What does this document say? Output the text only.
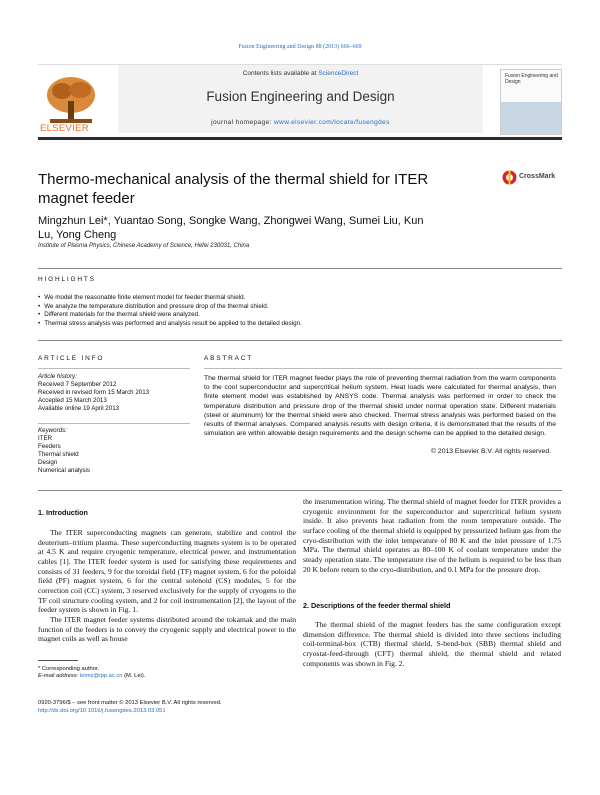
Fusion Engineering and Design 88 (2013) 666–669
ELSEVIER
Contents lists available at ScienceDirect
Fusion Engineering and Design
journal homepage: www.elsevier.com/locate/fusengdes
Fusion Engineering and Design
Thermo-mechanical analysis of the thermal shield for ITER magnet feeder
CrossMark
Mingzhun Lei*, Yuantao Song, Songke Wang, Zhongwei Wang, Sumei Liu, Kun Lu, Yong Cheng
Institute of Plasma Physics, Chinese Academy of Science, Hefei 230031, China
HIGHLIGHTS
• We model the reasonable finite element model for feeder thermal shield.
• We analyze the temperature distribution and pressure drop of the thermal shield.
• Different materials for the thermal shield were analyzed.
• Thermal stress analysis was performed and analysis result be applied to the detailed design.
ARTICLE INFO
Article history:
Received 7 September 2012
Received in revised form 15 March 2013
Accepted 15 March 2013
Available online 19 April 2013
Keywords:
ITER
Feeders
Thermal shield
Design
Numerical analysis
ABSTRACT
The thermal shield for ITER magnet feeder plays the role of preventing thermal radiation from the warm components to the cool superconductor and supercritical helium system. Heat loads were calculated for thermal analysis, then finite element model was established by ANSYS code. Thermal analysis was performed in order to check the temperature distribution and pressure drop of the thermal shield under normal operation state. Different materials (steel or aluminum) for the thermal shield were also checked. Thermal stress analysis was performed based on the results of thermal analyses. Compared analysis results with design criteria, it is demonstrated that the results of the simulation are within allowable design requirements and the design scheme can be applied to the detailed design.
© 2013 Elsevier B.V. All rights reserved.
1. Introduction

The ITER superconducting magnets can generate, stabilize and control the deuterium–tritium plasma. These superconducting magnets system is to be operated at 4.5 K and require cryogenic temperature, electrical power, and instrumentation cables [1]. The ITER feeder system is used for satisfying these requirements and consists of 31 feeders, 9 for the toroidal field (TF) magnet system, 6 for the poloidal field (PF) magnet system, 6 for the central solenoid (CS) modules, 5 for the correction coil (CC) system, 3 reserved exclusively for the supply of cryogens to the TF coil structure cooling system, and 2 for coil instrumentation [2], the layout of the feeder system is shown in Fig. 1.

The ITER magnet feeder systems distributed around the tokamak and the main function of the feeders is to convey the cryogenic supply and electrical power to the magnet coils as well as house

the instrumentation wiring. The thermal shield of magnet feeder for ITER provides a cryogenic environment for the superconductor and supercritical helium system inside. It also prevents heat radiation from the room temperature outside. The surface cooling of the thermal shield is equipped by pressurized helium gas from the cryo-distribution with the inlet temperature of 80 K and the inlet pressure of 1.75 MPa. The thermal shield operates as 80–100 K of coolant temperature under the steady operation state. The temperature rise of the helium is required to be less than 20 K before return to the cryo-distribution, and 0.1 MPa for the pressure drop.

2. Descriptions of the feeder thermal shield

The thermal shield of the magnet feeders has the same configuration except dimension difference. The thermal shield is divided into three sections including coil-terminal-box (CTB) thermal shield, S-bend-box (SBB) thermal shield and cryostat-feed-through (CFT) thermal shield, the thermal shield and related components was shown in Fig. 2.

* Corresponding author.
E-mail address: leimz@ipp.ac.cn (M. Lei).
0920-3796/$ – see front matter © 2013 Elsevier B.V. All rights reserved.
http://dx.doi.org/10.1016/j.fusengdes.2013.03.051
